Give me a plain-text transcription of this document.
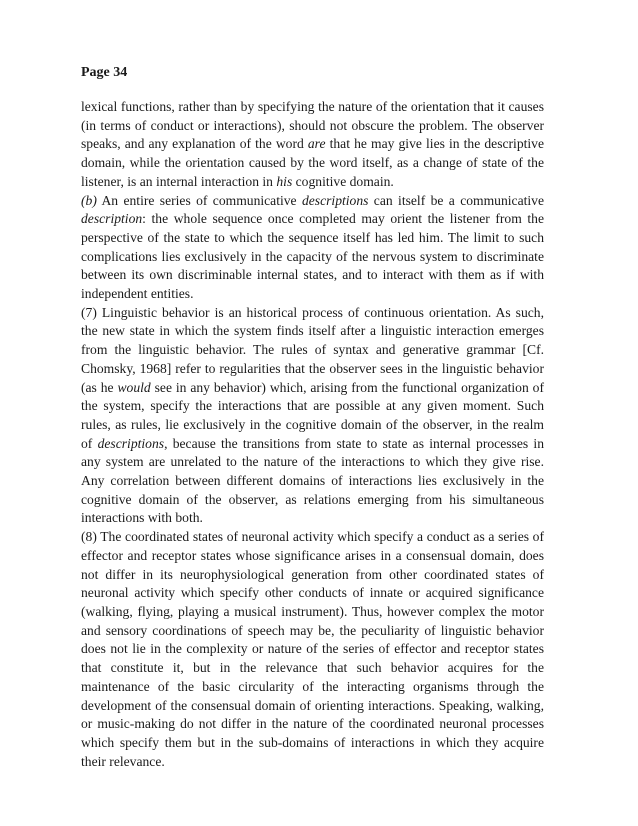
Page 34

lexical functions, rather than by specifying the nature of the orientation that it causes (in terms of conduct or interactions), should not obscure the problem. The observer speaks, and any explanation of the word are that he may give lies in the descriptive domain, while the orientation caused by the word itself, as a change of state of the listener, is an internal interaction in his cognitive domain.

(b) An entire series of communicative descriptions can itself be a communicative description: the whole sequence once completed may orient the listener from the perspective of the state to which the sequence itself has led him. The limit to such complications lies exclusively in the capacity of the nervous system to discriminate between its own discriminable internal states, and to interact with them as if with independent entities.

(7) Linguistic behavior is an historical process of continuous orientation. As such, the new state in which the system finds itself after a linguistic interaction emerges from the linguistic behavior. The rules of syntax and generative grammar [Cf. Chomsky, 1968] refer to regularities that the observer sees in the linguistic behavior (as he would see in any behavior) which, arising from the functional organization of the system, specify the interactions that are possible at any given moment. Such rules, as rules, lie exclusively in the cognitive domain of the observer, in the realm of descriptions, because the transitions from state to state as internal processes in any system are unrelated to the nature of the interactions to which they give rise. Any correlation between different domains of interactions lies exclusively in the cognitive domain of the observer, as relations emerging from his simultaneous interactions with both.

(8) The coordinated states of neuronal activity which specify a conduct as a series of effector and receptor states whose significance arises in a consensual domain, does not differ in its neurophysiological generation from other coordinated states of neuronal activity which specify other conducts of innate or acquired significance (walking, flying, playing a musical instrument). Thus, however complex the motor and sensory coordinations of speech may be, the peculiarity of linguistic behavior does not lie in the complexity or nature of the series of effector and receptor states that constitute it, but in the relevance that such behavior acquires for the maintenance of the basic circularity of the interacting organisms through the development of the consensual domain of orienting interactions. Speaking, walking, or music-making do not differ in the nature of the coordinated neuronal processes which specify them but in the sub-domains of interactions in which they acquire their relevance.
